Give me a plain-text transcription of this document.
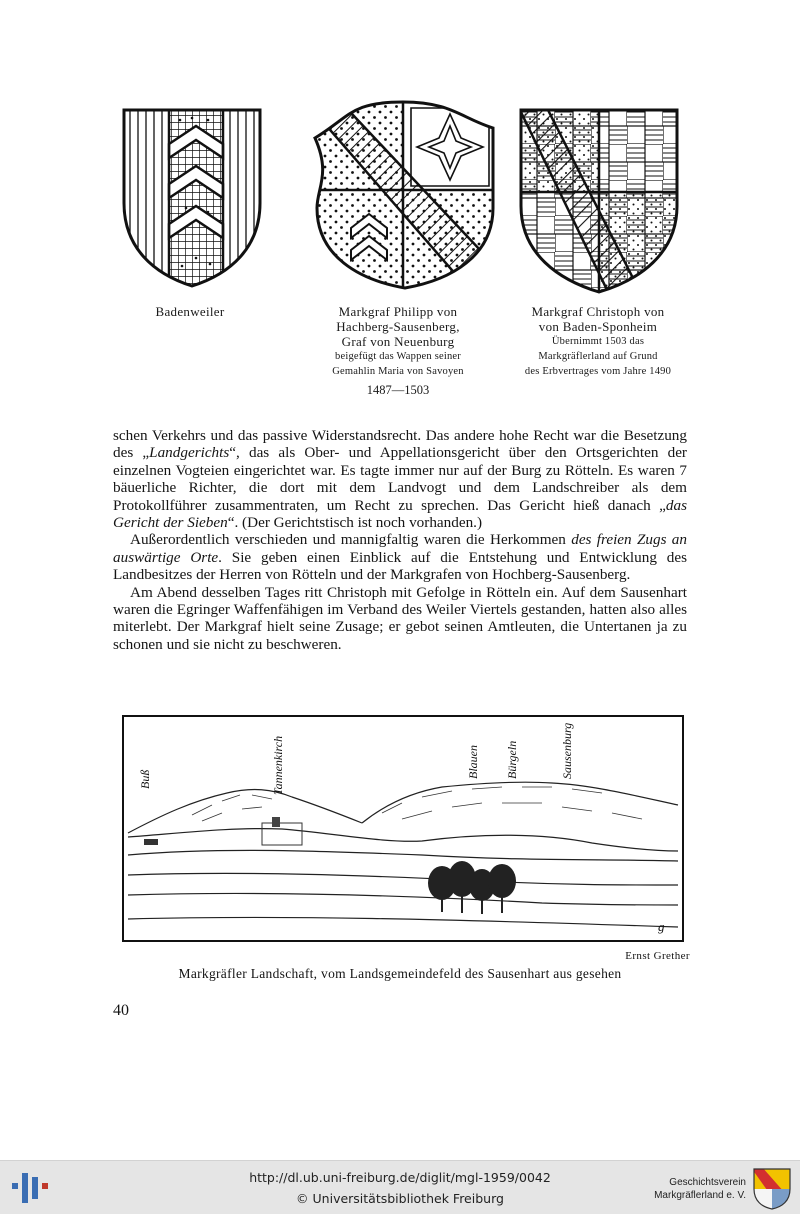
Badenweiler	Markgraf Philipp von
Hachberg-Sausenberg,
Graf von Neuenburg
beigefügt das Wappen seiner
Gemahlin Maria von Savoyen
1487—1503
Markgraf Christoph von
von Baden-Sponheim
Übernimmt 1503 das
Markgräflerland auf Grund
des Erbvertrages vom Jahre 1490

schen Verkehrs und das passive Widerstandsrecht. Das andere hohe Recht war die Besetzung des „Landgerichts“, das als Ober- und Appellationsgericht über den Ortsgerichten der einzelnen Vogteien eingerichtet war. Es tagte immer nur auf der Burg zu Rötteln. Es waren 7 bäuerliche Richter, die dort mit dem Landvogt und dem Landschreiber als dem Protokollführer zusammentraten, um Recht zu sprechen. Das Gericht hieß danach „das Gericht der Sieben“. (Der Gerichtstisch ist noch vorhanden.)

Außerordentlich verschieden und mannigfaltig waren die Herkommen des freien Zugs an auswärtige Orte. Sie geben einen Einblick auf die Entstehung und Entwicklung des Landbesitzes der Herren von Rötteln und der Markgrafen von Hochberg-Sausenberg.

Am Abend desselben Tages ritt Christoph mit Gefolge in Rötteln ein. Auf dem Sausenhart waren die Egringer Waffenfähigen im Verband des Weiler Viertels gestanden, hatten also alles miterlebt. Der Markgraf hielt seine Zusage; er gebot seinen Amtleuten, die Untertanen ja zu schonen und sie nicht zu beschweren.

Buß	Tannenkirch	Blauen Bürgeln	Sausenburg
g
Ernst Grether
Markgräfler Landschaft, vom Landsgemeindefeld des Sausenhart aus gesehen
40
http://dl.ub.uni-freiburg.de/diglit/mgl-1959/0042
© Universitätsbibliothek Freiburg
Geschichtsverein
Markgräflerland e. V.
